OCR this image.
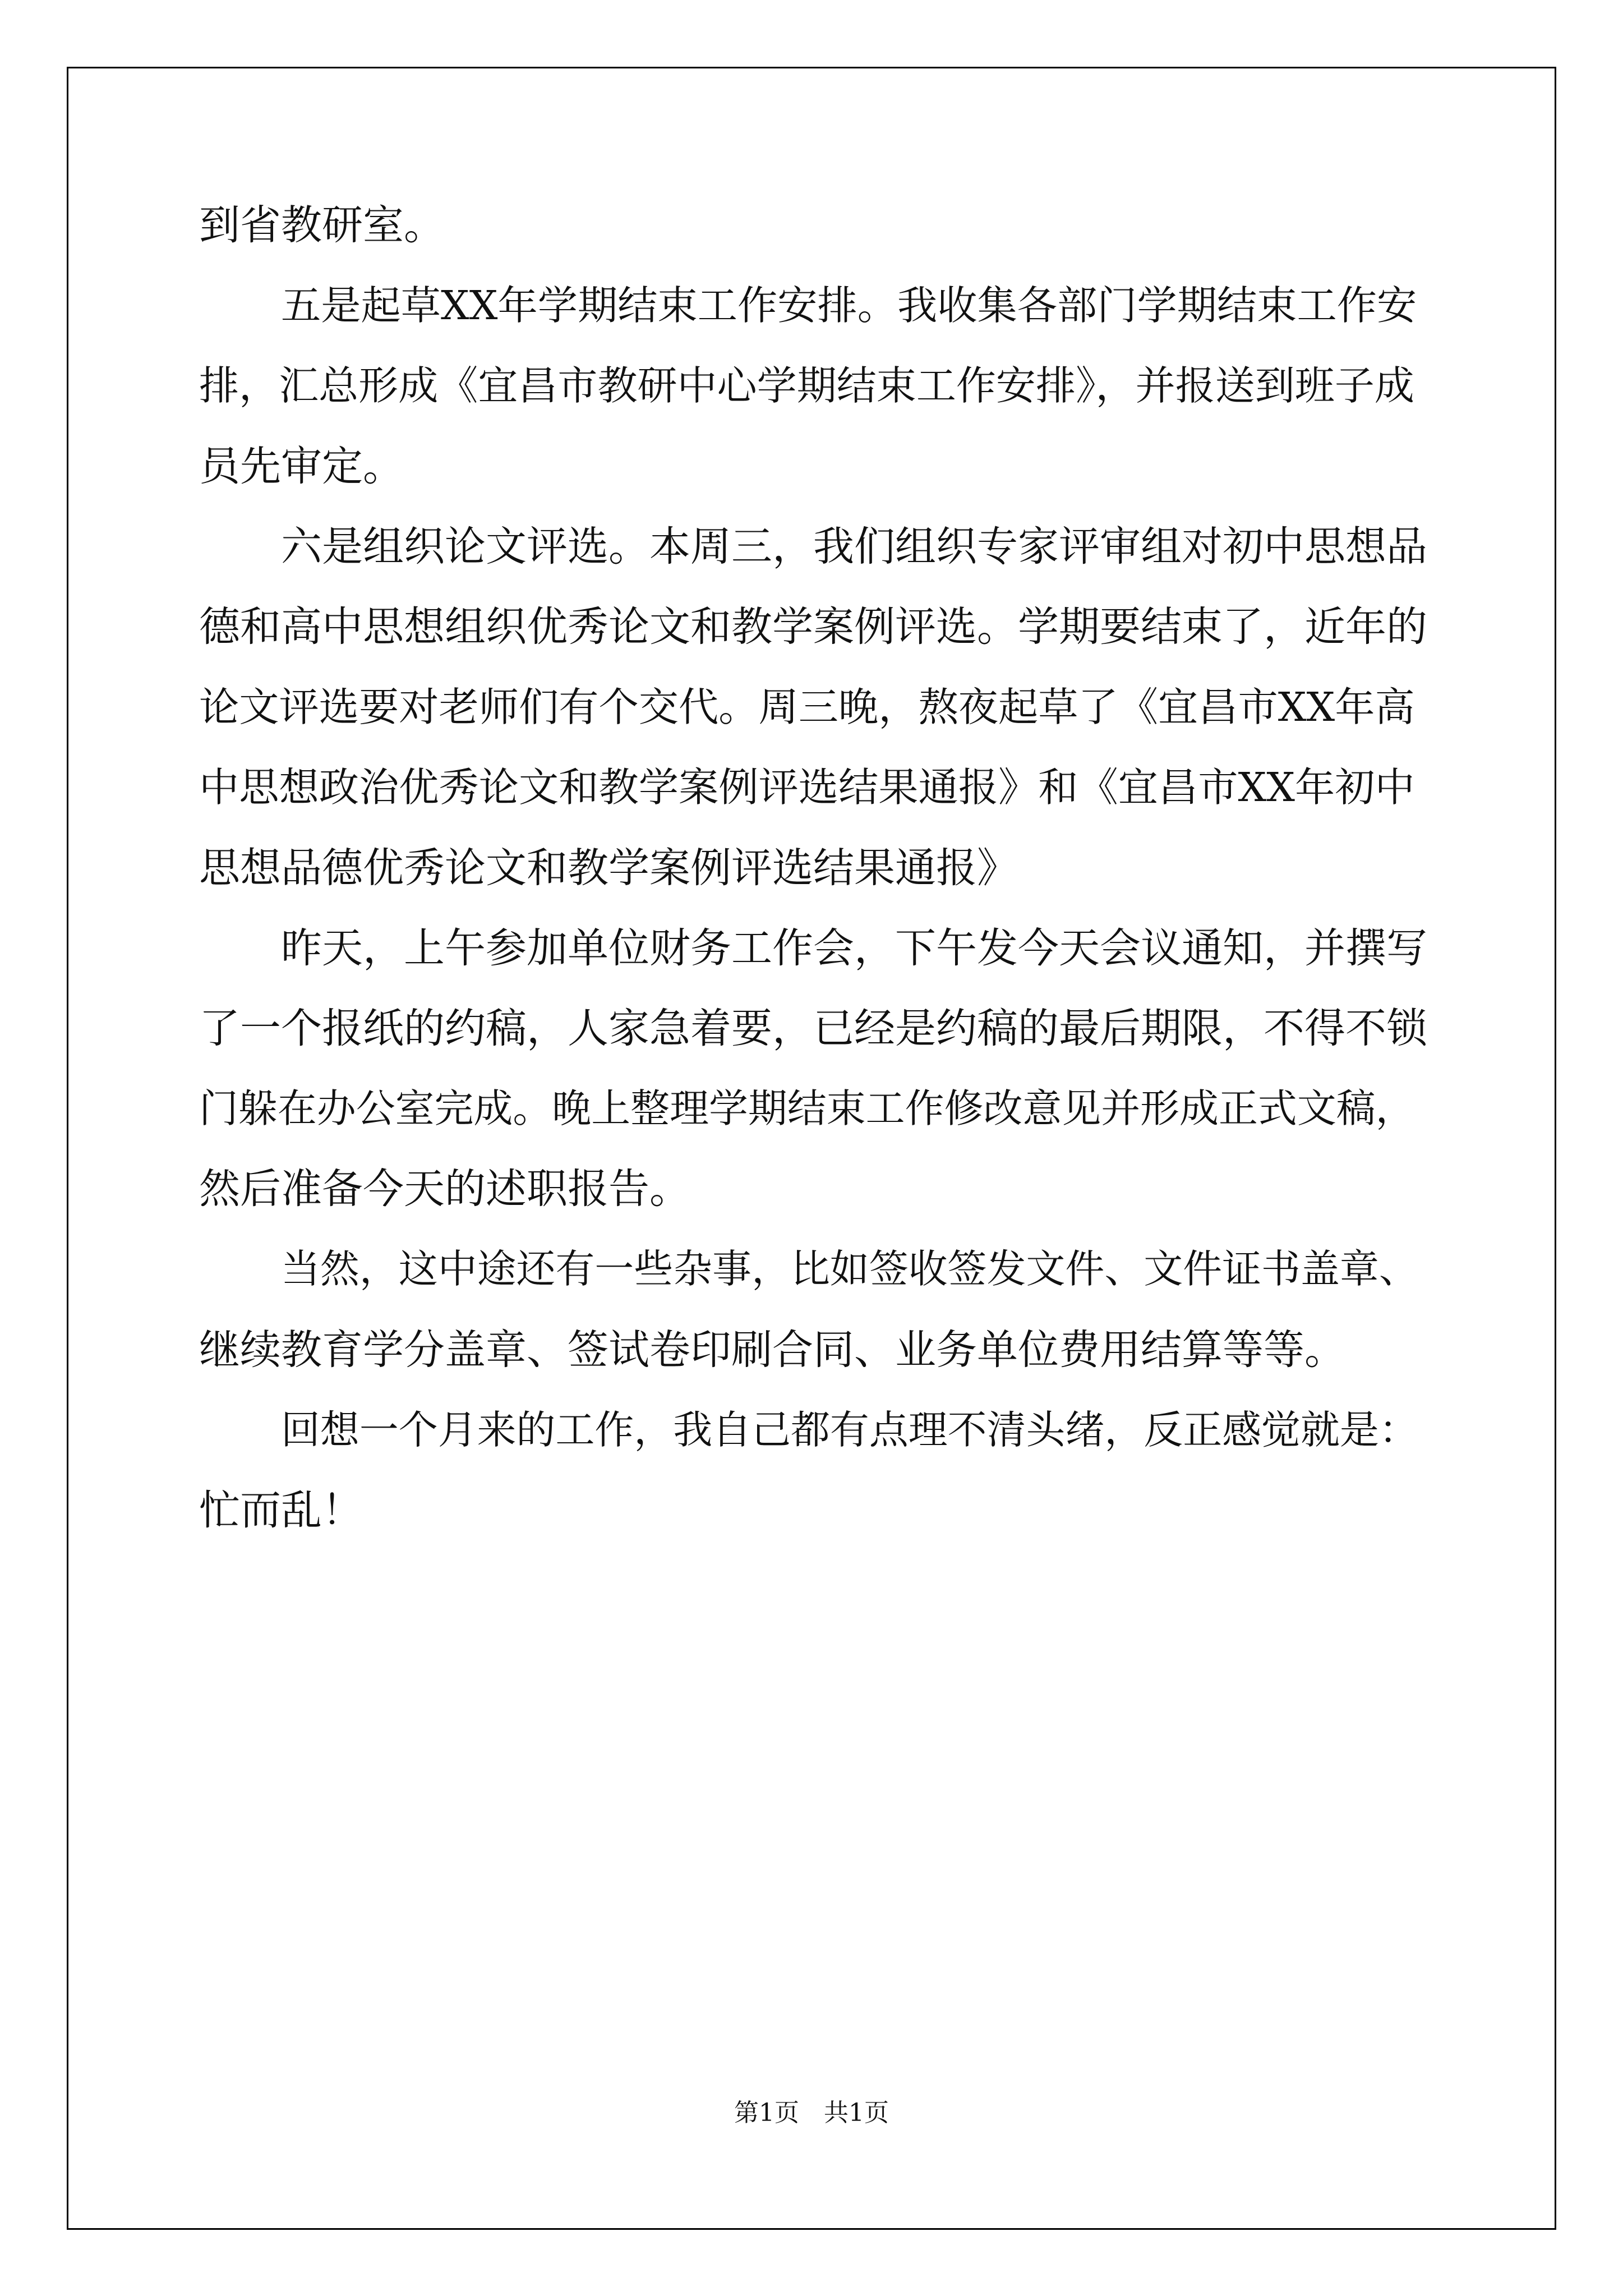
到省教研室。
五是起草XX年学期结束工作安排。我收集各部门学期结束工作安
排，汇总形成《宜昌市教研中心学期结束工作安排》，并报送到班子成
员先审定。
六是组织论文评选。本周三，我们组织专家评审组对初中思想品
德和高中思想组织优秀论文和教学案例评选。学期要结束了，近年的
论文评选要对老师们有个交代。周三晚，熬夜起草了《宜昌市XX年高
中思想政治优秀论文和教学案例评选结果通报》和《宜昌市XX年初中
思想品德优秀论文和教学案例评选结果通报》
昨天，上午参加单位财务工作会，下午发今天会议通知，并撰写
了一个报纸的约稿，人家急着要，已经是约稿的最后期限，不得不锁
门躲在办公室完成。晚上整理学期结束工作修改意见并形成正式文稿，
然后准备今天的述职报告。
当然，这中途还有一些杂事，比如签收签发文件、文件证书盖章、
继续教育学分盖章、签试卷印刷合同、业务单位费用结算等等。
回想一个月来的工作，我自己都有点理不清头绪，反正感觉就是：
忙而乱！
第1页　共1页
